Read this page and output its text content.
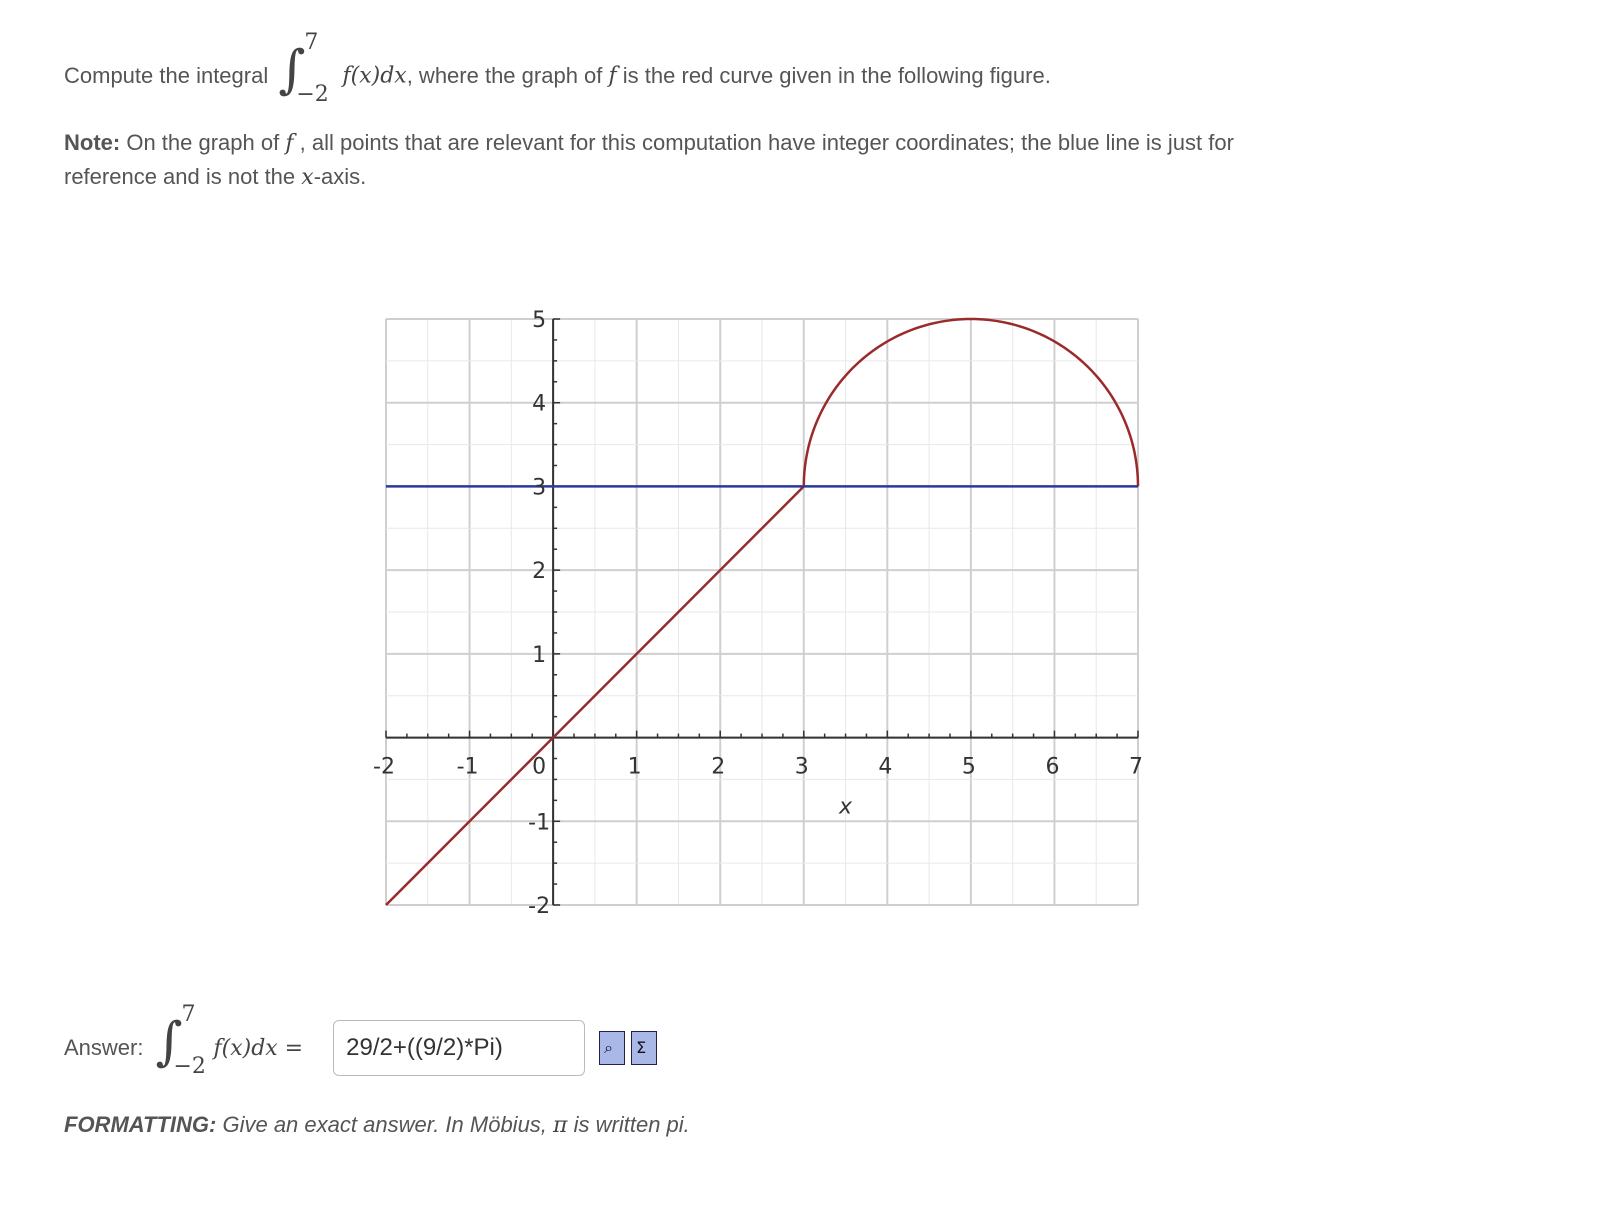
Compute the integral ∫
7
−2
f(x)dx, where the graph of f is the red curve given in the following figure.
Note: On the graph of f , all points that are relevant for this computation have integer coordinates; the blue line is just for
reference and is not the x-axis.
-2	-1 0	1	2	3	4	5	6	7
-2
-1
1
2
3
4
5
x
Answer: ∫
7
−2
f(x)dx =
29/2+((9/2)*Pi)	⌕ Σ
FORMATTING: Give an exact answer. In Möbius, π is written pi.
